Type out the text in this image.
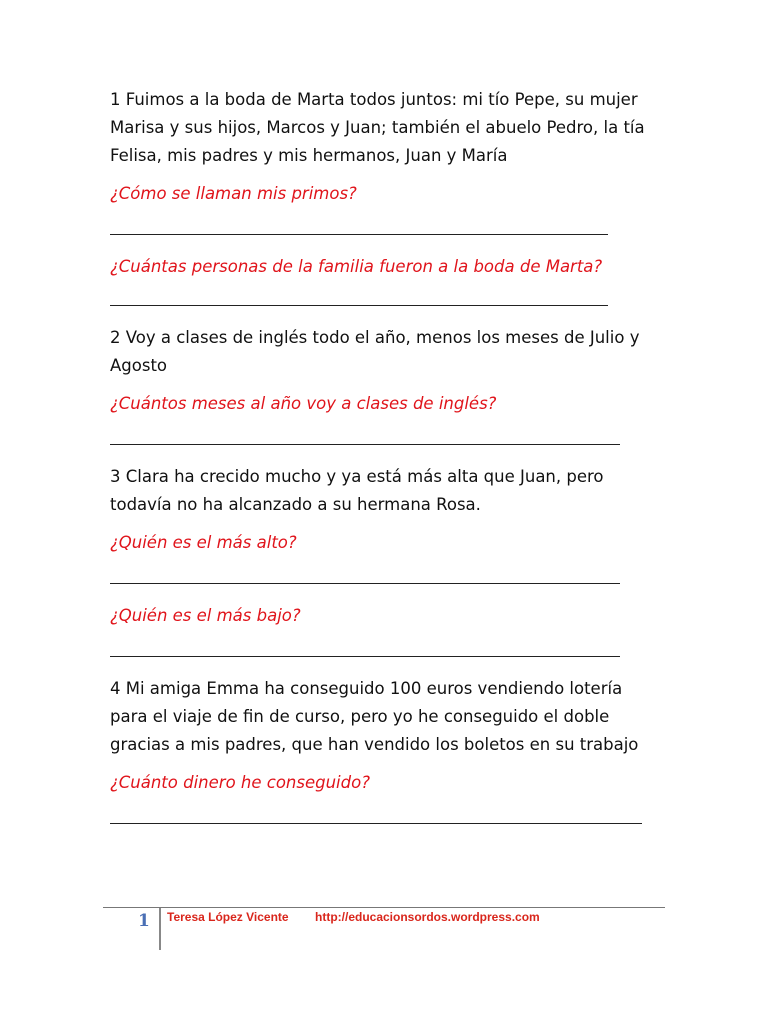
1 Fuimos a la boda de Marta todos juntos: mi tío Pepe, su mujer Marisa y sus hijos, Marcos y Juan; también el abuelo Pedro, la tía Felisa, mis padres y mis hermanos, Juan y María

¿Cómo se llaman mis primos?

¿Cuántas personas de la familia fueron a la boda de Marta?

2 Voy a clases de inglés todo el año, menos los meses de Julio y Agosto

¿Cuántos meses al año voy a clases de inglés?

3 Clara ha crecido mucho y ya está más alta que Juan, pero todavía no ha alcanzado a su hermana Rosa.

¿Quién es el más alto?

¿Quién es el más bajo?

4 Mi amiga Emma ha conseguido 100 euros vendiendo lotería para el viaje de fin de curso, pero yo he conseguido el doble gracias a mis padres, que han vendido los boletos en su trabajo

¿Cuánto dinero he conseguido?

1 Teresa López Vicente http://educacionsordos.wordpress.com
